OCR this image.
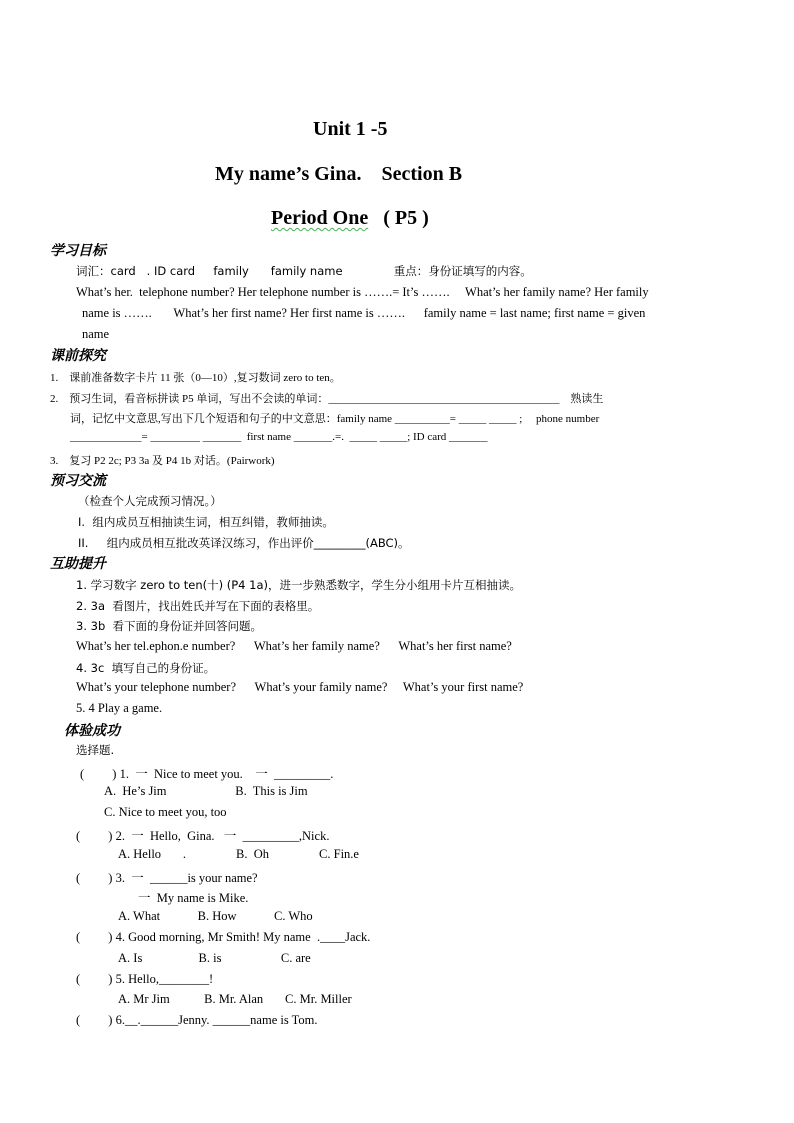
Unit 1 -5
My name’s Gina.    Section B
Period One   ( P5 )
学习目标
词汇：card   . ID card     family      family name              重点：身份证填写的内容。
What’s her.  telephone number? Her telephone number is …….= It’s …….     What’s her family name? Her family
name is …….       What’s her first name? Her first name is …….      family name = last name; first name = given
name
课前探究
1.    课前准备数字卡片 11 张（0—10）,复习数词 zero to ten。
2.    预习生词，看音标拼读 P5 单词，写出不会读的单词：__________________________________________    熟读生
词，记忆中文意思,写出下几个短语和句子的中文意思：family name __________= _____ _____ ;     phone number
_____________= _________ _______  first name _______.=.  _____ _____; ID card _______
3.    复习 P2 2c; P3 3a 及 P4 1b 对话。(Pairwork)
预习交流
（检查个人完成预习情况。）
I.  组内成员互相抽读生词，相互纠错，教师抽读。
II.     组内成员相互批改英译汉练习，作出评价_________(ABC)。
互助提升
1. 学习数字 zero to ten(十) (P4 1a)，进一步熟悉数字，学生分小组用卡片互相抽读。
2. 3a  看图片，找出姓氏并写在下面的表格里。
3. 3b  看下面的身份证并回答问题。
What’s her tel.ephon.e number?      What’s her family name?      What’s her first name?
4. 3c  填写自己的身份证。
What’s your telephone number?      What’s your family name?     What’s your first name?
5. 4 Play a game.
体验成功
选择题.
(         ) 1.  一  Nice to meet you.    一  _________.
A.  He’s Jim                      B.  This is Jim
C. Nice to meet you, too
(         ) 2.  一  Hello,  Gina.   一  _________,Nick.
A. Hello       .                B.  Oh                C. Fin.e
(         ) 3.  一  ______is your name?
一  My name is Mike.
A. What            B. How            C. Who
(         ) 4. Good morning, Mr Smith! My name  .____Jack.
A. Is                  B. is                   C. are
(         ) 5. Hello,________!
A. Mr Jim           B. Mr. Alan       C. Mr. Miller
(         ) 6.__.______Jenny. ______name is Tom.
